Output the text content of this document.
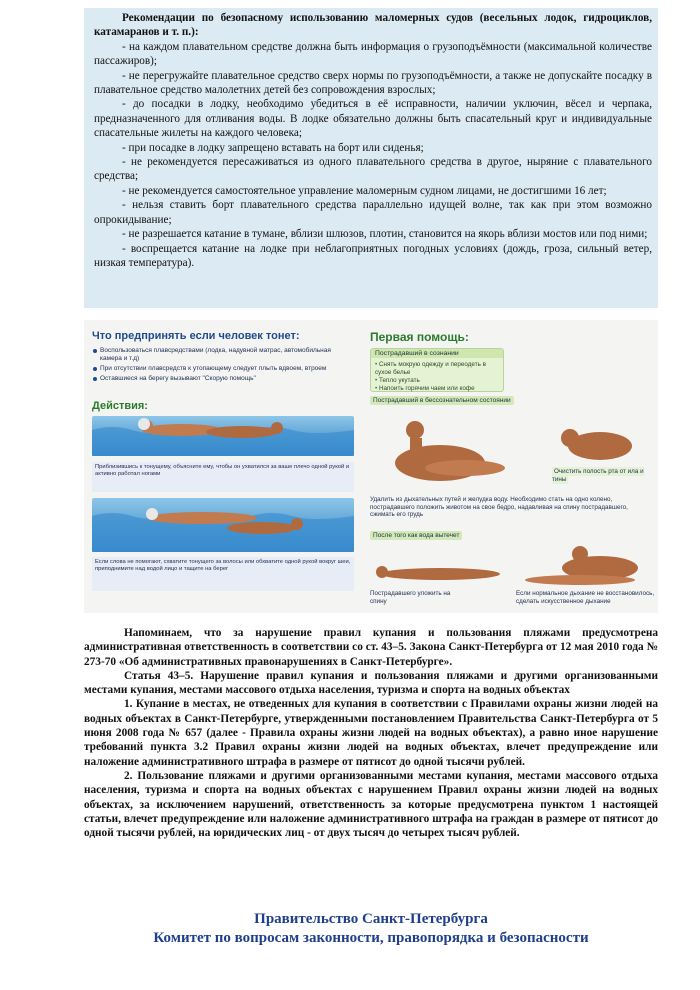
Рекомендации по безопасному использованию маломерных судов (весельных лодок, гидроциклов, катамаранов и т. п.):

- на каждом плавательном средстве должна быть информация о грузоподъёмности (максимальной количестве пассажиров);

- не перегружайте плавательное средство сверх нормы по грузоподъёмности, а также не допускайте посадку в плавательное средство малолетних детей без сопровождения взрослых;

- до посадки в лодку, необходимо убедиться в её исправности, наличии уключин, вёсел и черпака, предназначенного для отливания воды. В лодке обязательно должны быть спасательный круг и индивидуальные спасательные жилеты на каждого человека;

- при посадке в лодку запрещено вставать на борт или сиденья;

- не рекомендуется пересаживаться из одного плавательного средства в другое, ныряние с плавательного средства;

- не рекомендуется самостоятельное управление маломерным судном лицами, не достигшими 16 лет;

- нельзя ставить борт плавательного средства параллельно идущей волне, так как при этом возможно опрокидывание;

- не разрешается катание в тумане, вблизи шлюзов, плотин, становится на якорь вблизи мостов или под ними;

- воспрещается катание на лодке при неблагоприятных погодных условиях (дождь, гроза, сильный ветер, низкая температура).

Что предпринять если человек тонет:
Воспользоваться плавсредствами (лодка, надувной матрас, автомобильная камера и т.д)
При отсутствии плавсредств к утопающему следует плыть вдвоем, втроем
Оставшиеся на берегу вызывают "Скорую помощь"
Действия:
Приблизившись к тонущему, объясните ему, чтобы он ухватился за ваше плечо одной рукой и активно работал ногами
Если слова не помогают, схватите тонущего за волосы или обхватите одной рукой вокруг шеи, приподнимите над водой лицо и тащите на берег
Первая помощь:
Пострадавший в сознании
• Снять мокрую одежду и переодеть в сухое белье
• Тепло укутать
• Напоить горячим чаем или кофе
Пострадавший в бессознательном состоянии
Очистить полость рта от ила и тины
Удалить из дыхательных путей и желудка воду. Необходимо стать на одно колено, пострадавшего положить животом на свое бедро, надавливая на спину пострадавшего, сжимать его грудь
После того как вода вытечет
Пострадавшего уложить на спину
Если нормальное дыхание не восстановилось, сделать искусственное дыхание

Напоминаем, что за нарушение правил купания и пользования пляжами предусмотрена административная ответственность в соответствии со ст. 43–5. Закона Санкт-Петербурга от 12 мая 2010 года № 273-70 «Об административных правонарушениях в Санкт-Петербурге».

Статья 43–5. Нарушение правил купания и пользования пляжами и другими организованными местами купания, местами массового отдыха населения, туризма и спорта на водных объектах

1. Купание в местах, не отведенных для купания в соответствии с Правилами охраны жизни людей на водных объектах в Санкт-Петербурге, утвержденными постановлением Правительства Санкт-Петербурга от 5 июня 2008 года № 657 (далее - Правила охраны жизни людей на водных объектах), а равно иное нарушение требований пункта 3.2 Правил охраны жизни людей на водных объектах, влечет предупреждение или наложение административного штрафа в размере от пятисот до одной тысячи рублей.

2. Пользование пляжами и другими организованными местами купания, местами массового отдыха населения, туризма и спорта на водных объектах с нарушением Правил охраны жизни людей на водных объектах, за исключением нарушений, ответственность за которые предусмотрена пунктом 1 настоящей статьи, влечет предупреждение или наложение административного штрафа на граждан в размере от пятисот до одной тысячи рублей, на юридических лиц - от двух тысяч до четырех тысяч рублей.

Правительство Санкт-Петербурга
Комитет по вопросам законности, правопорядка и безопасности
